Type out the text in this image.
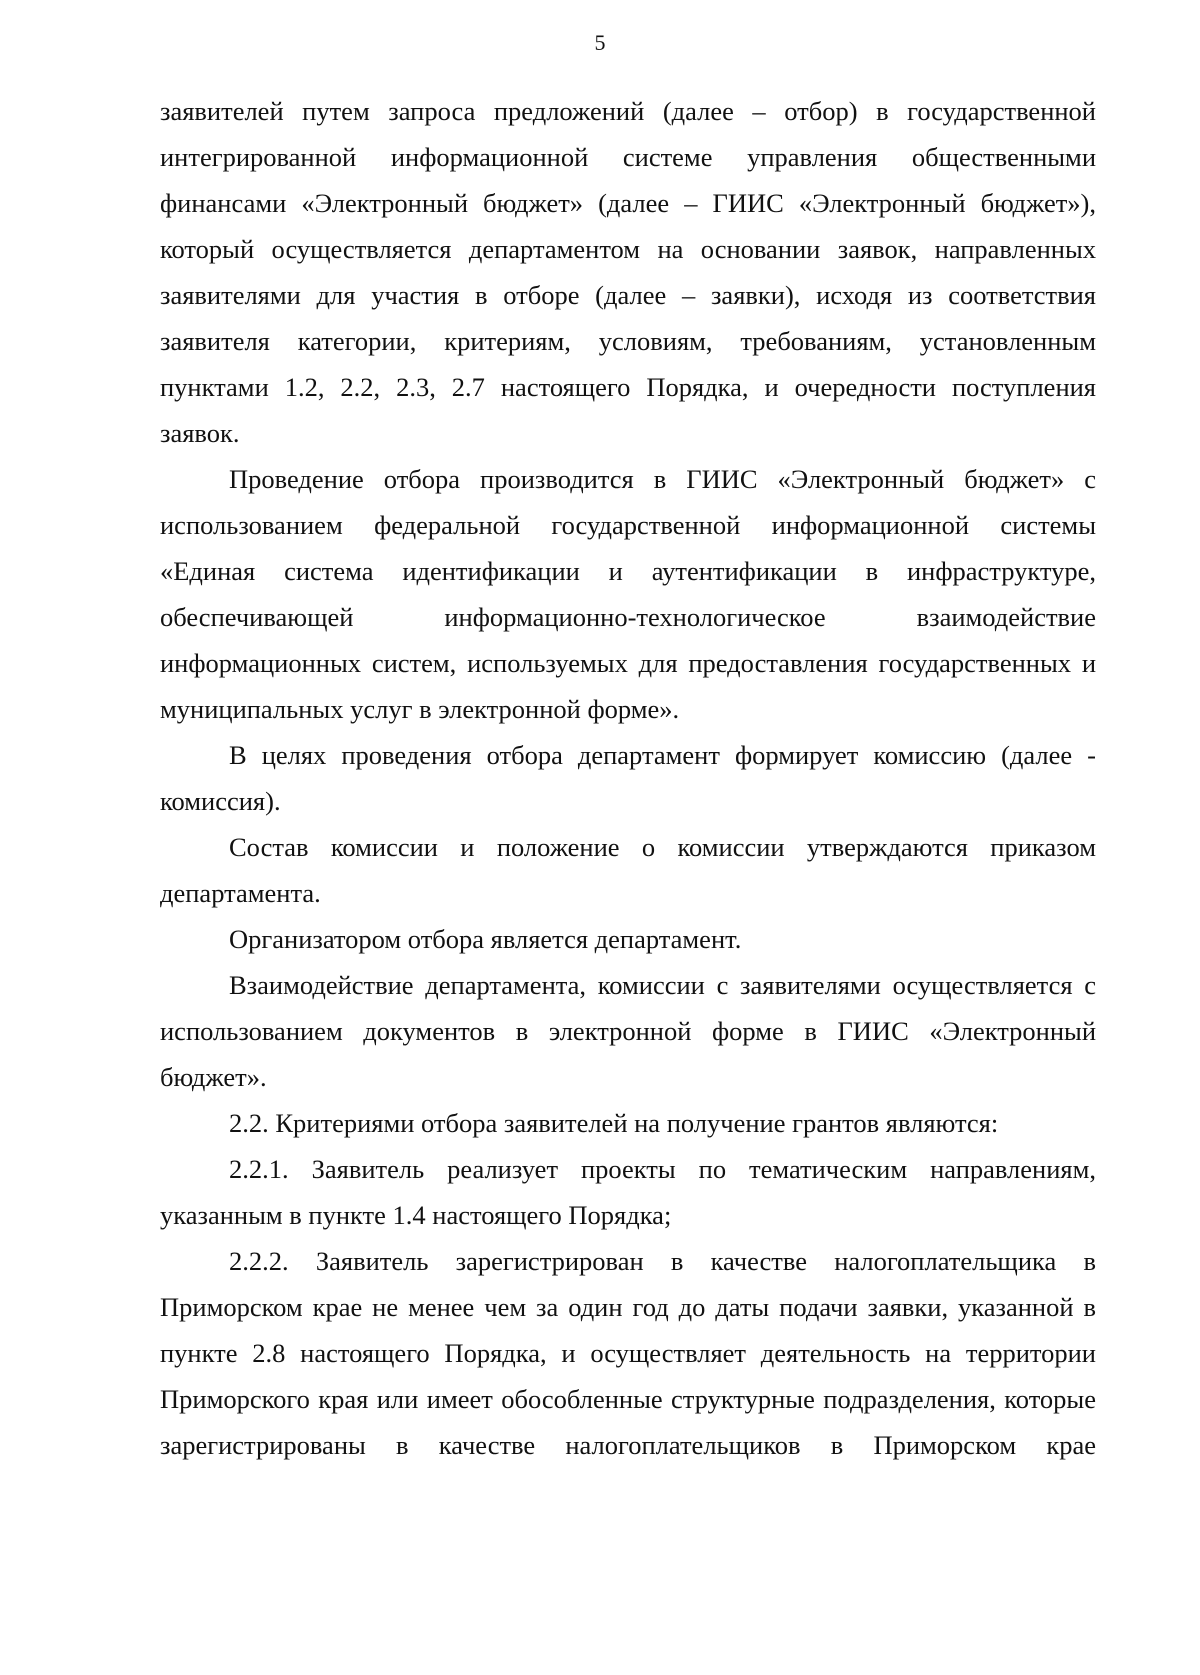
5

заявителей путем запроса предложений (далее – отбор) в государственной интегрированной информационной системе управления общественными финансами «Электронный бюджет» (далее – ГИИС «Электронный бюджет»), который осуществляется департаментом на основании заявок, направленных заявителями для участия в отборе (далее – заявки), исходя из соответствия заявителя категории, критериям, условиям, требованиям, установленным пунктами 1.2, 2.2, 2.3, 2.7 настоящего Порядка, и очередности поступления заявок.

Проведение отбора производится в ГИИС «Электронный бюджет» с использованием федеральной государственной информационной системы «Единая система идентификации и аутентификации в инфраструктуре, обеспечивающей информационно-технологическое взаимодействие информационных систем, используемых для предоставления государственных и муниципальных услуг в электронной форме».

В целях проведения отбора департамент формирует комиссию (далее - комиссия).

Состав комиссии и положение о комиссии утверждаются приказом департамента.

Организатором отбора является департамент.

Взаимодействие департамента, комиссии с заявителями осуществляется с использованием документов в электронной форме в ГИИС «Электронный бюджет».

2.2. Критериями отбора заявителей на получение грантов являются:

2.2.1. Заявитель реализует проекты по тематическим направлениям, указанным в пункте 1.4 настоящего Порядка;

2.2.2. Заявитель зарегистрирован в качестве налогоплательщика в Приморском крае не менее чем за один год до даты подачи заявки, указанной в пункте 2.8 настоящего Порядка, и осуществляет деятельность на территории Приморского края или имеет обособленные структурные подразделения, которые зарегистрированы в качестве налогоплательщиков в Приморском крае
